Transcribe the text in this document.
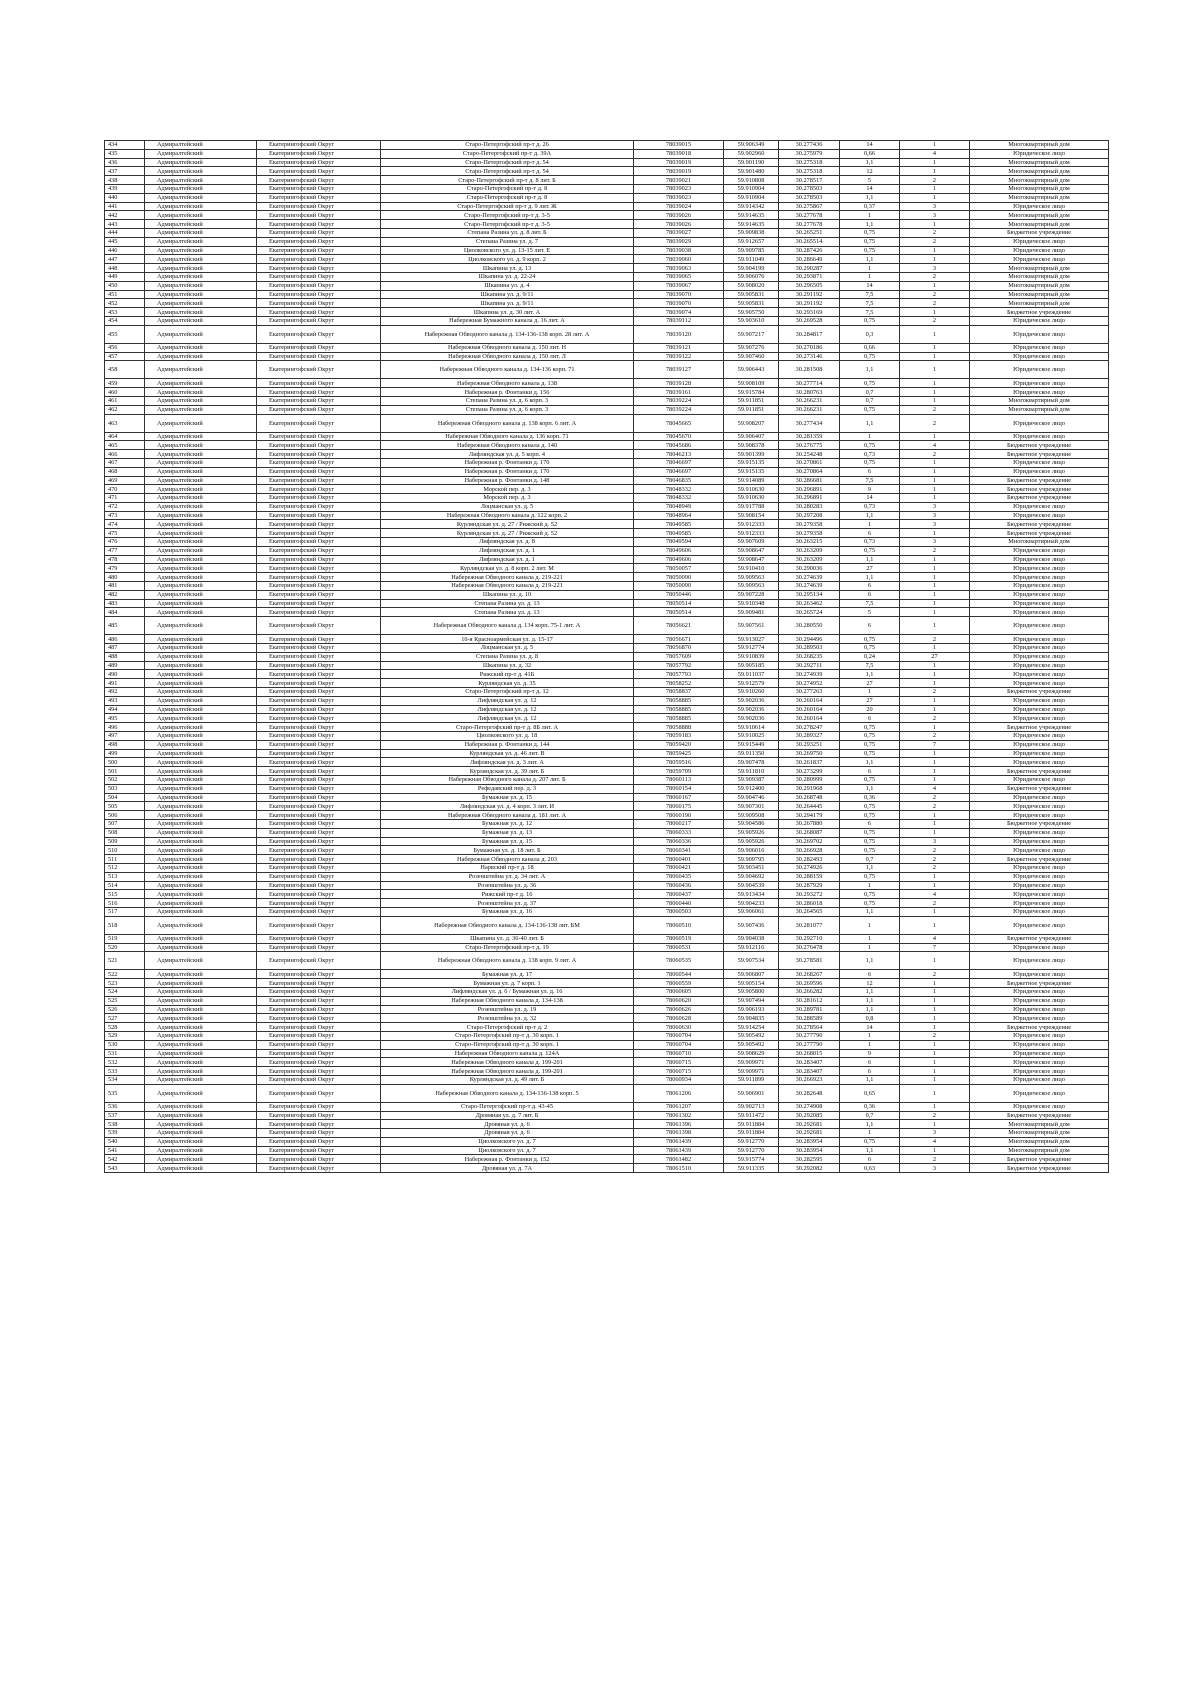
434	Адмиралтейский	Екатерингофский Округ	Старо-Петергофский пр-т д. 26	78039015	59.906349	30.277436	14	1	Многоквартирный дом
435	Адмиралтейский	Екатерингофский Округ	Старо-Петергофский пр-т д. 39А	78039018	59.902960	30.275979	0,66	4	Юридическое лицо
436	Адмиралтейский	Екатерингофский Округ	Старо-Петергофский пр-т д. 54	78039019	59.901190	30.275318	1,1	1	Многоквартирный дом
437	Адмиралтейский	Екатерингофский Округ	Старо-Петергофский пр-т д. 54	78039019	59.901480	30.275318	12	1	Многоквартирный дом
438	Адмиралтейский	Екатерингофский Округ	Старо-Петергофский пр-т д. 8 лит. Б	78039021	59.910808	30.278517	5	2	Многоквартирный дом
439	Адмиралтейский	Екатерингофский Округ	Старо-Петергофский пр-т д. 8	78039023	59.910904	30.278503	14	1	Многоквартирный дом
440	Адмиралтейский	Екатерингофский Округ	Старо-Петергофский пр-т д. 8	78039023	59.910904	30.278503	1,1	1	Многоквартирный дом
441	Адмиралтейский	Екатерингофский Округ	Старо-Петергофский пр-т д. 9 лит. Ж	78039024	59.914342	30.275867	0,37	3	Юридическое лицо
442	Адмиралтейский	Екатерингофский Округ	Старо-Петергофский пр-т д. 3-5	78039026	59.914635	30.277678	1	3	Многоквартирный дом
443	Адмиралтейский	Екатерингофский Округ	Старо-Петергофский пр-т д. 3-5	78039026	59.914635	30.277678	1,1	1	Многоквартирный дом
444	Адмиралтейский	Екатерингофский Округ	Степана Разина ул. д. 8 лит. Б	78039027	59.909838	30.265251	0,75	2	Бюджетное учреждение
445	Адмиралтейский	Екатерингофский Округ	Степана Разина ул. д. 7	78039029	59.912657	30.265514	0,75	2	Юридическое лицо
446	Адмиралтейский	Екатерингофский Округ	Циолковского ул. д. 13-15 лит. Е	78039038	59.909785	30.287426	0,75	1	Юридическое лицо
447	Адмиралтейский	Екатерингофский Округ	Циолковского ул. д. 9 корп. 2	78039060	59.911049	30.286649	1,1	1	Юридическое лицо
448	Адмиралтейский	Екатерингофский Округ	Шкапина ул. д. 13	78039063	59.904199	30.290287	1	3	Многоквартирный дом
449	Адмиралтейский	Екатерингофский Округ	Шкапина ул. д. 22-24	78039065	59.906076	30.293871	1	2	Многоквартирный дом
450	Адмиралтейский	Екатерингофский Округ	Шкапина ул. д. 4	78039067	59.908020	30.296505	14	1	Многоквартирный дом
451	Адмиралтейский	Екатерингофский Округ	Шкапина ул. д. 9/11	78039070	59.905831	30.291192	7,5	2	Многоквартирный дом
452	Адмиралтейский	Екатерингофский Округ	Шкапина ул. д. 9/11	78039070	59.905831	30.291192	7,5	2	Многоквартирный дом
453	Адмиралтейский	Екатерингофский Округ	Шкапина ул. д. 30 лит. А	78039074	59.905750	30.293169	7,5	1	Бюджетное учреждение
454	Адмиралтейский	Екатерингофский Округ	Набережная Бумажного канала д. 16 лит. А	78039112	59.903610	30.269528	0,75	2	Юридическое лицо
455	Адмиралтейский	Екатерингофский Округ	Набережная Обводного канала д. 134-136-138 корп. 28 лит. А	78039120	59.907217	30.284817	0,3	1	Юридическое лицо
456	Адмиралтейский	Екатерингофский Округ	Набережная Обводного канала д. 150 лит. Н	78039121	59.907276	30.270186	0,66	1	Юридическое лицо
457	Адмиралтейский	Екатерингофский Округ	Набережная Обводного канала д. 150 лит. Л	78039122	59.907460	30.273146	0,75	1	Юридическое лицо
458	Адмиралтейский	Екатерингофский Округ	Набережная Обводного канала д. 134-136 корп. 71	78039127	59.906443	30.281508	1,1	1	Юридическое лицо
459	Адмиралтейский	Екатерингофский Округ	Набережная Обводного канала д. 138	78039128	59.908109	30.277714	0,75	1	Юридическое лицо
460	Адмиралтейский	Екатерингофский Округ	Набережная р. Фонтанки д. 156	78039161	59.915784	30.280763	0,7	1	Юридическое лицо
461	Адмиралтейский	Екатерингофский Округ	Степана Разина ул. д. 6 корп. 3	78039224	59.911851	30.266231	0,7	1	Многоквартирный дом
462	Адмиралтейский	Екатерингофский Округ	Степана Разина ул. д. 6 корп. 3	78039224	59.911851	30.266231	0,75	2	Многоквартирный дом
463	Адмиралтейский	Екатерингофский Округ	Набережная Обводного канала д. 138 корп. 6 лит. А	78045665	59.908207	30.277434	1,1	2	Юридическое лицо
464	Адмиралтейский	Екатерингофский Округ	Набережная Обводного канала д. 136 корп. 71	78045670	59.906407	30.281359	1	1	Юридическое лицо
465	Адмиралтейский	Екатерингофский Округ	Набережная Обводного канала д. 140	78045686	59.908378	30.276775	0,75	4	Бюджетное учреждение
466	Адмиралтейский	Екатерингофский Округ	Лифляндская ул. д. 5 корп. 4	78046213	59.901399	30.254248	0,73	2	Бюджетное учреждение
467	Адмиралтейский	Екатерингофский Округ	Набережная р. Фонтанки д. 170	78046697	59.915135	30.270861	0,75	1	Юридическое лицо
468	Адмиралтейский	Екатерингофский Округ	Набережная р. Фонтанки д. 170	78046697	59.915135	30.270864	6	1	Юридическое лицо
469	Адмиралтейский	Екатерингофский Округ	Набережная р. Фонтанки д. 148	78046835	59.914089	30.286681	7,5	1	Бюджетное учреждение
470	Адмиралтейский	Екатерингофский Округ	Морской пер. д. 3	78048332	59.910630	30.296891	9	1	Бюджетное учреждение
471	Адмиралтейский	Екатерингофский Округ	Морской пер. д. 3	78048332	59.910630	30.296891	14	1	Бюджетное учреждение
472	Адмиралтейский	Екатерингофский Округ	Лоцманская ул. д. 5	78048949	59.917788	30.280283	0,73	3	Юридическое лицо
473	Адмиралтейский	Екатерингофский Округ	Набережная Обводного канала д. 122 корп. 2	78048964	59.908154	30.297208	1,1	3	Юридическое лицо
474	Адмиралтейский	Екатерингофский Округ	Курляндская ул. д. 27 / Рижский д. 52	78049585	59.912333	30.279358	1	3	Бюджетное учреждение
475	Адмиралтейский	Екатерингофский Округ	Курляндская ул. д. 27 / Рижский д. 52	78049585	59.912333	30.279358	6	1	Бюджетное учреждение
476	Адмиралтейский	Екатерингофский Округ	Лифляндская ул. д. 8	78049594	59.907609	30.263215	0,73	3	Многоквартирный дом
477	Адмиралтейский	Екатерингофский Округ	Лифляндская ул. д. 1	78049606	59.908647	30.263209	0,75	2	Юридическое лицо
478	Адмиралтейский	Екатерингофский Округ	Лифляндская ул. д. 1	78049606	59.908647	30.263209	1,1	1	Юридическое лицо
479	Адмиралтейский	Екатерингофский Округ	Курляндская ул. д. 8 корп. 2 лит. М	78050057	59.910410	30.290036	27	1	Юридическое лицо
480	Адмиралтейский	Екатерингофский Округ	Набережная Обводного канала д. 219-221	78050090	59.909563	30.274639	1,1	1	Юридическое лицо
481	Адмиралтейский	Екатерингофский Округ	Набережная Обводного канала д. 219-221	78050090	59.909563	30.274639	6	1	Юридическое лицо
482	Адмиралтейский	Екатерингофский Округ	Шкапина ул. д. 10	78050446	59.907228	30.295134	6	1	Юридическое лицо
483	Адмиралтейский	Екатерингофский Округ	Степана Разина ул. д. 13	78050514	59.910348	30.263462	7,5	1	Юридическое лицо
484	Адмиралтейский	Екатерингофский Округ	Степана Разина ул. д. 13	78050514	59.909481	30.265724	5	1	Юридическое лицо
485	Адмиралтейский	Екатерингофский Округ	Набережная Обводного канала д. 134 корп. 75-1 лит. А	78056621	59.907561	30.280550	6	1	Юридическое лицо
486	Адмиралтейский	Екатерингофский Округ	10-я Красноармейская ул. д. 15-17	78056671	59.913027	30.294496	0,75	2	Юридическое лицо
487	Адмиралтейский	Екатерингофский Округ	Лоцманская ул. д. 5	78056870	59.912774	30.289503	0,75	1	Юридическое лицо
488	Адмиралтейский	Екатерингофский Округ	Степана Разина ул. д. 8	78057609	59.910839	30.268235	0,24	27	Юридическое лицо
489	Адмиралтейский	Екатерингофский Округ	Шкапина ул. д. 32	78057792	59.905185	30.292711	7,5	1	Юридическое лицо
490	Адмиралтейский	Екатерингофский Округ	Рижский пр-т д. 41Б	78057793	59.911037	30.274939	1,1	1	Юридическое лицо
491	Адмиралтейский	Екатерингофский Округ	Курляндская ул. д. 35	78058252	59.912579	30.274952	27	1	Юридическое лицо
492	Адмиралтейский	Екатерингофский Округ	Старо-Петергофский пр-т д. 12	78058837	59.910260	30.277263	1	2	Бюджетное учреждение
493	Адмиралтейский	Екатерингофский Округ	Лифляндская ул. д. 12	78058885	59.902036	30.260164	27	1	Юридическое лицо
494	Адмиралтейский	Екатерингофский Округ	Лифляндская ул. д. 12	78058885	59.902036	30.260164	20	1	Юридическое лицо
495	Адмиралтейский	Екатерингофский Округ	Лифляндская ул. д. 12	78058885	59.902036	30.260164	6	2	Юридическое лицо
496	Адмиралтейский	Екатерингофский Округ	Старо-Петергофский пр-т д. 8Б лит. А	78058888	59.910614	30.278247	0,75	1	Бюджетное учреждение
497	Адмиралтейский	Екатерингофский Округ	Циолковского ул. д. 18	78059183	59.910025	30.289327	0,75	2	Юридическое лицо
498	Адмиралтейский	Екатерингофский Округ	Набережная р. Фонтанки д. 144	78059420	59.915449	30.293251	0,75	7	Юридическое лицо
499	Адмиралтейский	Екатерингофский Округ	Курляндская ул. д. 46 лит. В	78059425	59.911350	30.269750	0,75	1	Юридическое лицо
500	Адмиралтейский	Екатерингофский Округ	Лифляндская ул. д. 3 лит. А	78059516	59.907478	30.261837	1,1	1	Юридическое лицо
501	Адмиралтейский	Екатерингофский Округ	Курляндская ул. д. 39 лит. Б	78059709	59.911810	30.273299	6	1	Бюджетное учреждение
502	Адмиралтейский	Екатерингофский Округ	Набережная Обводного канала д. 207 лит. Б	78060113	59.909387	30.280999	0,75	1	Юридическое лицо
503	Адмиралтейский	Екатерингофский Округ	Рефедавский пер. д. 3	78060154	59.912400	30.291968	1,1	4	Бюджетное учреждение
504	Адмиралтейский	Екатерингофский Округ	Бумажная ул. д. 15	78060167	59.904746	30.268748	0,36	2	Юридическое лицо
505	Адмиралтейский	Екатерингофский Округ	Лифляндская ул. д. 4 корп. 3 лит. И	78060175	59.907301	30.264445	0,75	2	Юридическое лицо
506	Адмиралтейский	Екатерингофский Округ	Набережная Обводного канала д. 181 лит. А	78060190	59.909508	30.294179	0,75	1	Юридическое лицо
507	Адмиралтейский	Екатерингофский Округ	Бумажная ул. д. 12	78060217	59.904586	30.267880	6	1	Бюджетное учреждение
508	Адмиралтейский	Екатерингофский Округ	Бумажная ул. д. 13	78060333	59.905926	30.268087	0,75	1	Юридическое лицо
509	Адмиралтейский	Екатерингофский Округ	Бумажная ул. д. 15	78060336	59.905926	30.269702	0,75	3	Юридическое лицо
510	Адмиралтейский	Екатерингофский Округ	Бумажная ул. д. 18 лит. Б	78060341	59.906016	30.266928	0,75	2	Юридическое лицо
511	Адмиралтейский	Екатерингофский Округ	Набережная Обводного канала д. 203	78060401	59.909795	30.282493	0,7	2	Бюджетное учреждение
512	Адмиралтейский	Екатерингофский Округ	Нарвский пр-т д. 18	78060421	59.903451	30.274926	1,1	2	Юридическое лицо
513	Адмиралтейский	Екатерингофский Округ	Розенштейна ул. д. 34 лит. А	78060435	59.904692	30.288159	0,75	1	Юридическое лицо
514	Адмиралтейский	Екатерингофский Округ	Розенштейна ул. д. 36	78060436	59.904539	30.287929	1	1	Юридическое лицо
515	Адмиралтейский	Екатерингофский Округ	Рижский пр-т д. 16	78060437	59.913434	30.293272	0,75	4	Юридическое лицо
516	Адмиралтейский	Екатерингофский Округ	Розенштейна ул. д. 37	78060440	59.904233	30.286018	0,75	2	Юридическое лицо
517	Адмиралтейский	Екатерингофский Округ	Бумажная ул. д. 16	78060503	59.906061	30.264565	1,1	1	Юридическое лицо
518	Адмиралтейский	Екатерингофский Округ	Набережная Обводного канала д. 134-136-138 лит. БМ	78060510	59.907436	30.281077	1	1	Юридическое лицо
519	Адмиралтейский	Екатерингофский Округ	Шкапина ул. д. 36-40 лит. Б	78060519	59.904038	30.292710	1	4	Бюджетное учреждение
520	Адмиралтейский	Екатерингофский Округ	Старо-Петергофский пр-т д. 19	78060531	59.912116	30.276478	1	7	Юридическое лицо
521	Адмиралтейский	Екатерингофский Округ	Набережная Обводного канала д. 138 корп. 9 лит. А	78060535	59.907534	30.278581	1,1	1	Юридическое лицо
522	Адмиралтейский	Екатерингофский Округ	Бумажная ул. д. 17	78060544	59.906807	30.268267	6	2	Юридическое лицо
523	Адмиралтейский	Екатерингофский Округ	Бумажная ул. д. 7 корп. 1	78060559	59.905154	30.269596	12	1	Бюджетное учреждение
524	Адмиралтейский	Екатерингофский Округ	Лифляндская ул. д. 6 / Бумажная ул. д. 16	78060605	59.905800	30.266282	1,1	1	Юридическое лицо
525	Адмиралтейский	Екатерингофский Округ	Набережная Обводного канала д. 134-138	78060620	59.907494	30.281612	1,1	1	Юридическое лицо
526	Адмиралтейский	Екатерингофский Округ	Розенштейна ул. д. 19	78060626	59.906193	30.289781	1,1	1	Юридическое лицо
527	Адмиралтейский	Екатерингофский Округ	Розенштейна ул. д. 32	78060628	59.904835	30.288589	0,8	1	Юридическое лицо
528	Адмиралтейский	Екатерингофский Округ	Старо-Петергофский пр-т д. 2	78060630	59.914254	30.278564	14	1	Бюджетное учреждение
529	Адмиралтейский	Екатерингофский Округ	Старо-Петергофский пр-т д. 30 корп. 1	78060704	59.905492	30.277790	1	2	Юридическое лицо
530	Адмиралтейский	Екатерингофский Округ	Старо-Петергофский пр-т д. 30 корп. 1	78060704	59.905492	30.277790	1	1	Юридическое лицо
531	Адмиралтейский	Екатерингофский Округ	Набережная Обводного канала д. 124А	78060710	59.908629	30.268015	9	1	Юридическое лицо
532	Адмиралтейский	Екатерингофский Округ	Набережная Обводного канала д. 199-201	78060715	59.909971	30.283407	6	1	Юридическое лицо
533	Адмиралтейский	Екатерингофский Округ	Набережная Обводного канала д. 199-201	78060715	59.909971	30.283407	6	1	Юридическое лицо
534	Адмиралтейский	Екатерингофский Округ	Курляндская ул. д. 49 лит. Б	78060934	59.911899	30.266923	1,1	1	Юридическое лицо
535	Адмиралтейский	Екатерингофский Округ	Набережная Обводного канала д. 134-136-138 корп. 5	78061206	59.906901	30.282648	0,65	1	Юридическое лицо
536	Адмиралтейский	Екатерингофский Округ	Старо-Петергофский пр-т д. 43-45	78061207	59.902713	30.274908	0,36	1	Юридическое лицо
537	Адмиралтейский	Екатерингофский Округ	Дровяная ул. д. 7 лит. Б	78061302	59.911472	30.292085	0,7	2	Бюджетное учреждение
538	Адмиралтейский	Екатерингофский Округ	Дровяная ул. д. 6	78061396	59.911884	30.292681	1,1	1	Многоквартирный дом
539	Адмиралтейский	Екатерингофский Округ	Дровяная ул. д. 6	78061398	59.911884	30.292681	1	3	Многоквартирный дом
540	Адмиралтейский	Екатерингофский Округ	Циолковского ул. д. 7	78061439	59.912770	30.283954	0,75	4	Многоквартирный дом
541	Адмиралтейский	Екатерингофский Округ	Циолковского ул. д. 7	78061439	59.912770	30.283954	1,1	1	Многоквартирный дом
542	Адмиралтейский	Екатерингофский Округ	Набережная р. Фонтанки д. 152	78061482	59.915774	30.282595	6	2	Бюджетное учреждение
543	Адмиралтейский	Екатерингофский Округ	Дровяная ул. д. 7А	78061510	59.911335	30.292082	0,63	3	Бюджетное учреждение
